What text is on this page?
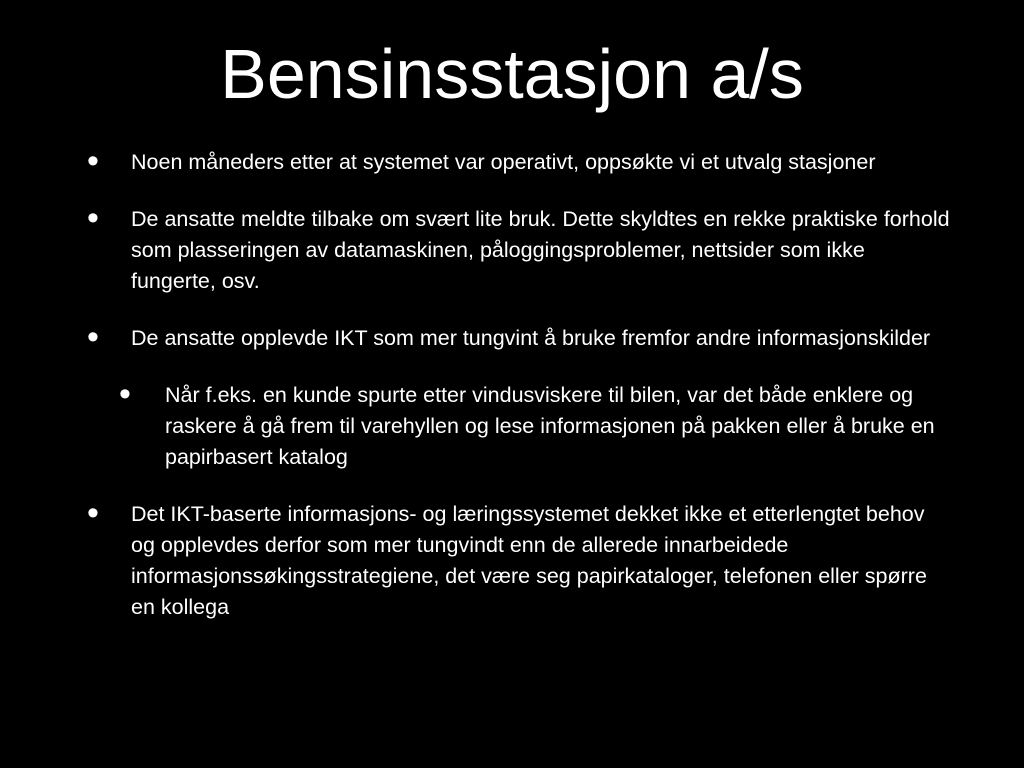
Bensinsstasjon a/s
• Noen måneders etter at systemet var operativt, oppsøkte vi et utvalg stasjoner
• De ansatte meldte tilbake om svært lite bruk. Dette skyldtes en rekke praktiske forhold som plasseringen av datamaskinen, påloggingsproblemer, nettsider som ikke fungerte, osv.
• De ansatte opplevde IKT som mer tungvint å bruke fremfor andre informasjonskilder
• Når f.eks. en kunde spurte etter vindusviskere til bilen, var det både enklere og raskere å gå frem til varehyllen og lese informasjonen på pakken eller å bruke en papirbasert katalog
• Det IKT-baserte informasjons- og læringssystemet dekket ikke et etterlengtet behov og opplevdes derfor som mer tungvindt enn de allerede innarbeidede informasjonssøkingsstrategiene, det være seg papirkataloger, telefonen eller spørre en kollega
